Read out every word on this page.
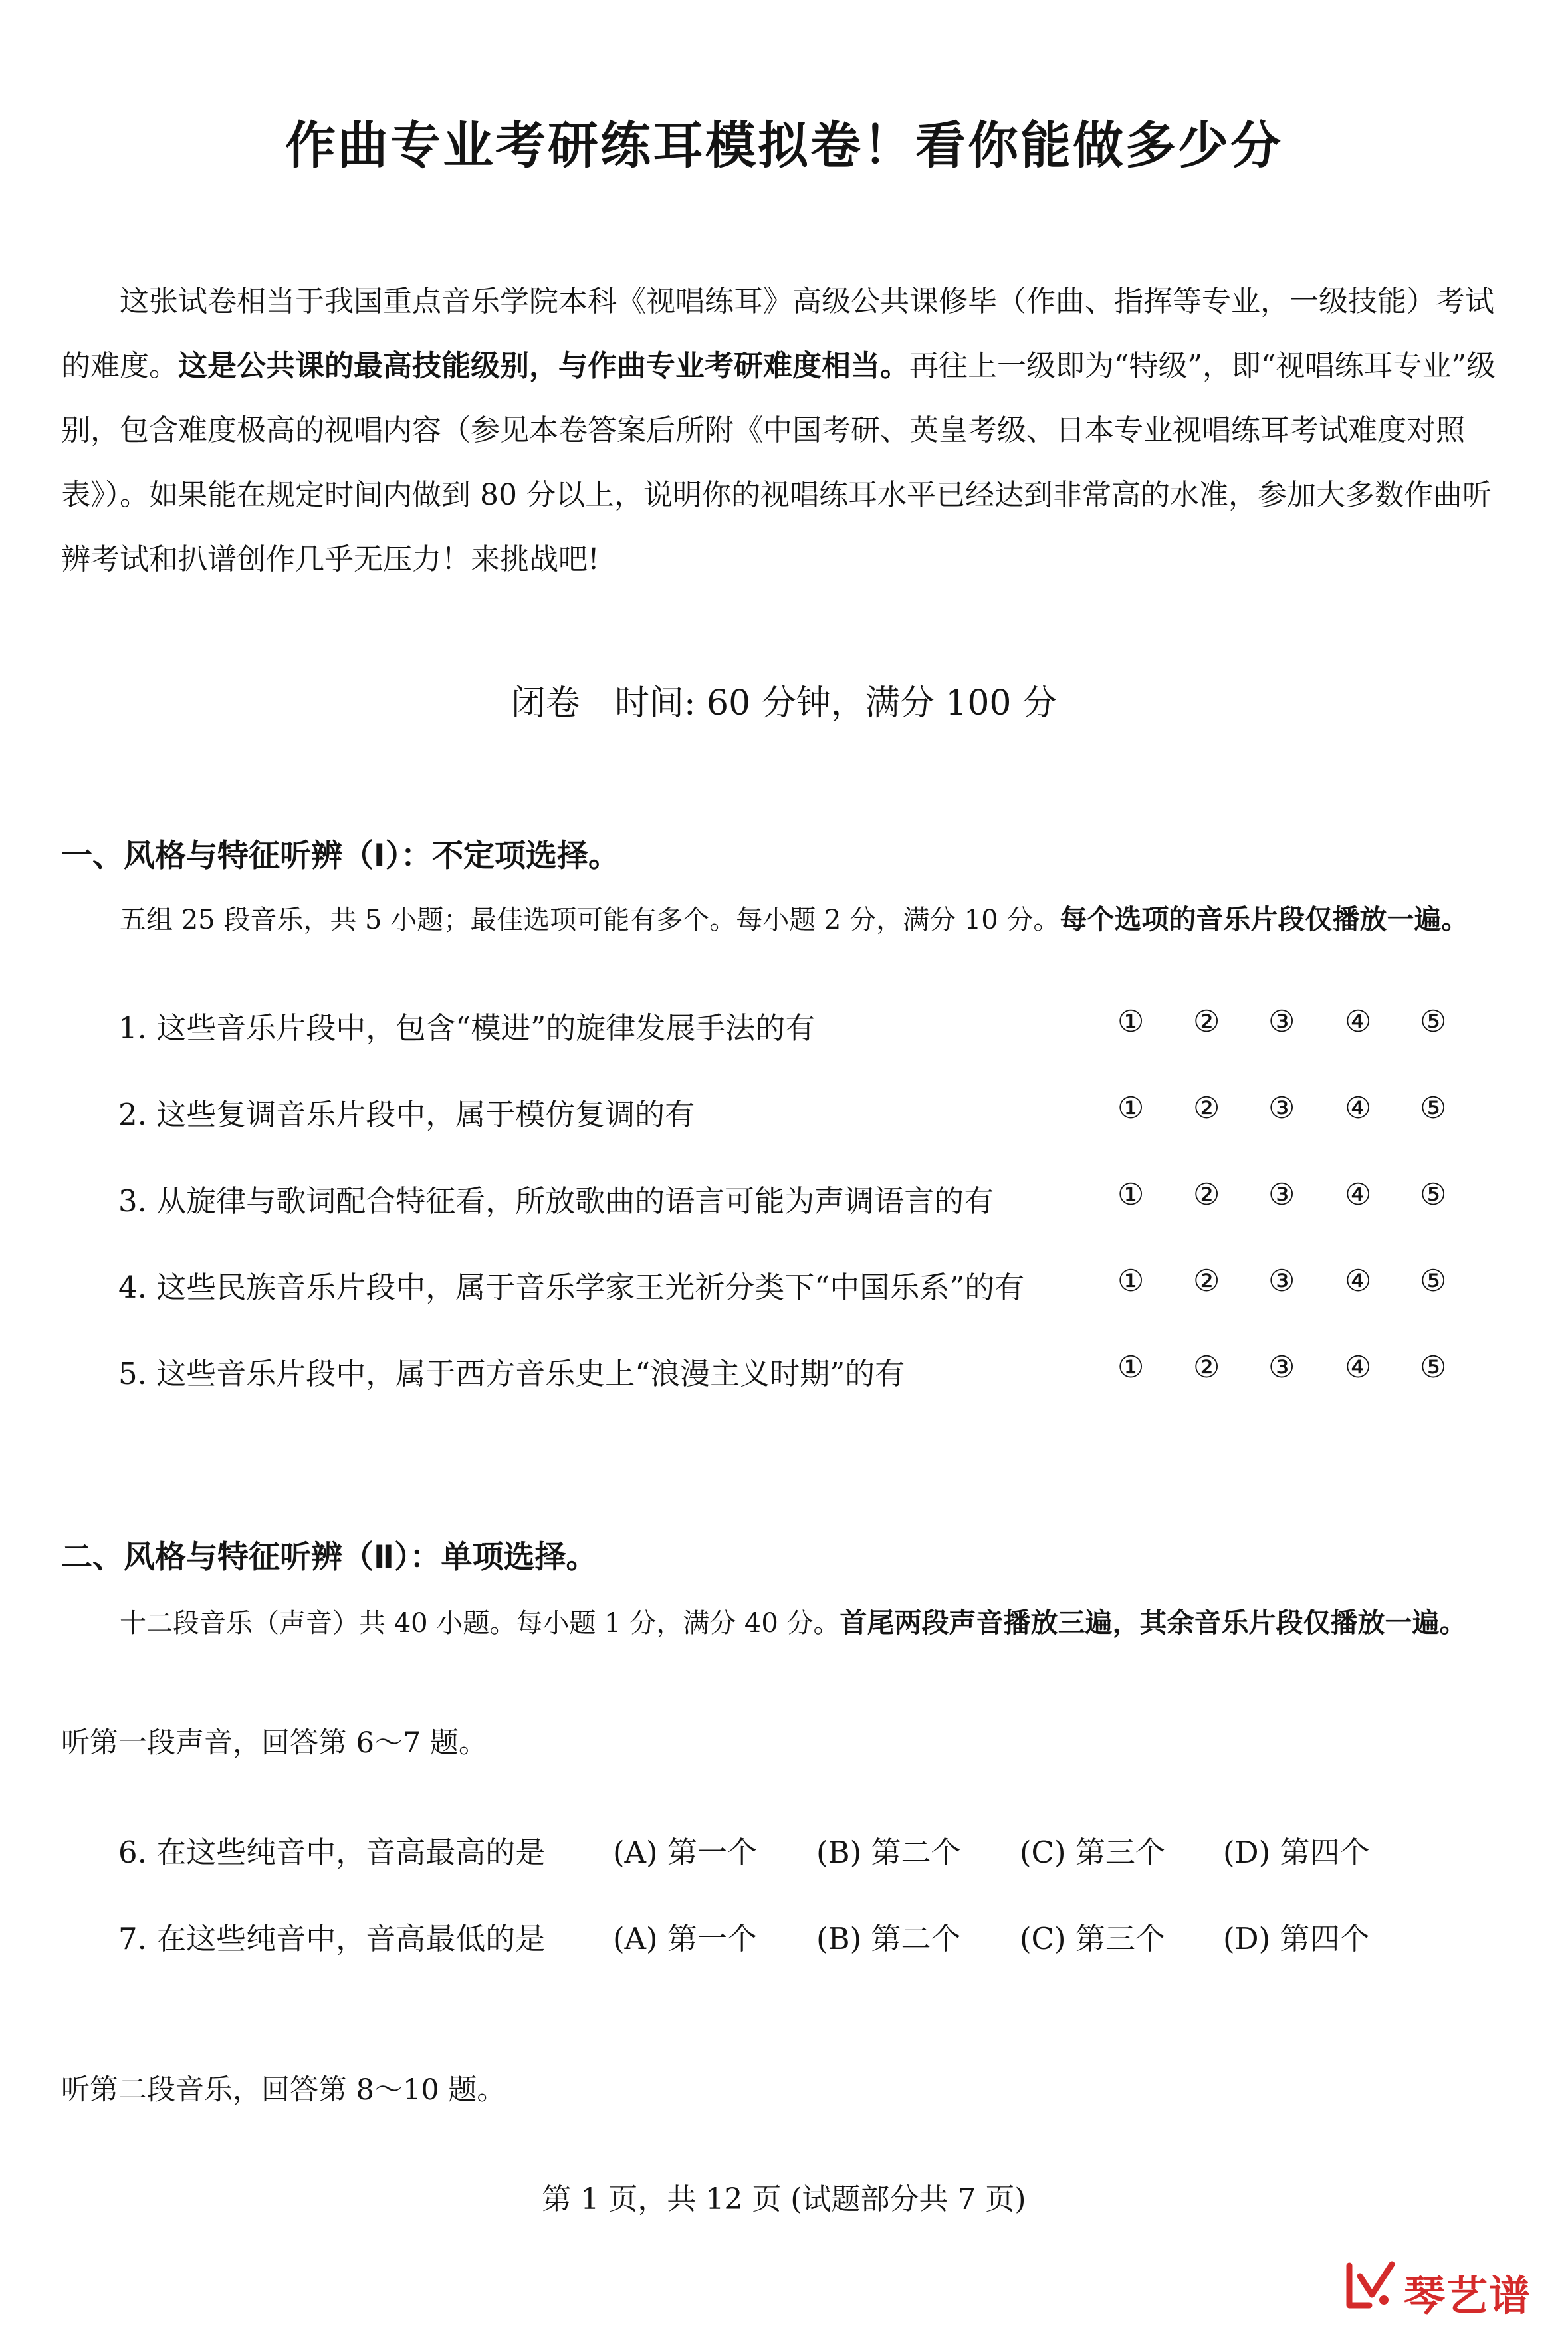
作曲专业考研练耳模拟卷！看你能做多少分

这张试卷相当于我国重点音乐学院本科《视唱练耳》高级公共课修毕（作曲、指挥等专业，一级技能）考试的难度。这是公共课的最高技能级别，与作曲专业考研难度相当。再往上一级即为“特级”，即“视唱练耳专业”级别，包含难度极高的视唱内容（参见本卷答案后所附《中国考研、英皇考级、日本专业视唱练耳考试难度对照表》）。如果能在规定时间内做到 80 分以上，说明你的视唱练耳水平已经达到非常高的水准，参加大多数作曲听辨考试和扒谱创作几乎无压力！来挑战吧!

闭卷　时间: 60 分钟，满分 100 分
一、风格与特征听辨（Ⅰ）：不定项选择。
五组 25 段音乐，共 5 小题；最佳选项可能有多个。每小题 2 分，满分 10 分。每个选项的音乐片段仅播放一遍。
1. 这些音乐片段中，包含“模进”的旋律发展手法的有	① ② ③ ④ ⑤
2. 这些复调音乐片段中，属于模仿复调的有	① ② ③ ④ ⑤
3. 从旋律与歌词配合特征看，所放歌曲的语言可能为声调语言的有	① ② ③ ④ ⑤
4. 这些民族音乐片段中，属于音乐学家王光祈分类下“中国乐系”的有	① ② ③ ④ ⑤
5. 这些音乐片段中，属于西方音乐史上“浪漫主义时期”的有	① ② ③ ④ ⑤
二、风格与特征听辨（Ⅱ）：单项选择。
十二段音乐（声音）共 40 小题。每小题 1 分，满分 40 分。首尾两段声音播放三遍，其余音乐片段仅播放一遍。
听第一段声音，回答第 6～7 题。
6. 在这些纯音中，音高最高的是 (A) 第一个 (B) 第二个 (C) 第三个 (D) 第四个
7. 在这些纯音中，音高最低的是 (A) 第一个 (B) 第二个 (C) 第三个 (D) 第四个
听第二段音乐，回答第 8～10 题。
第 1 页，共 12 页 (试题部分共 7 页)
琴艺谱
